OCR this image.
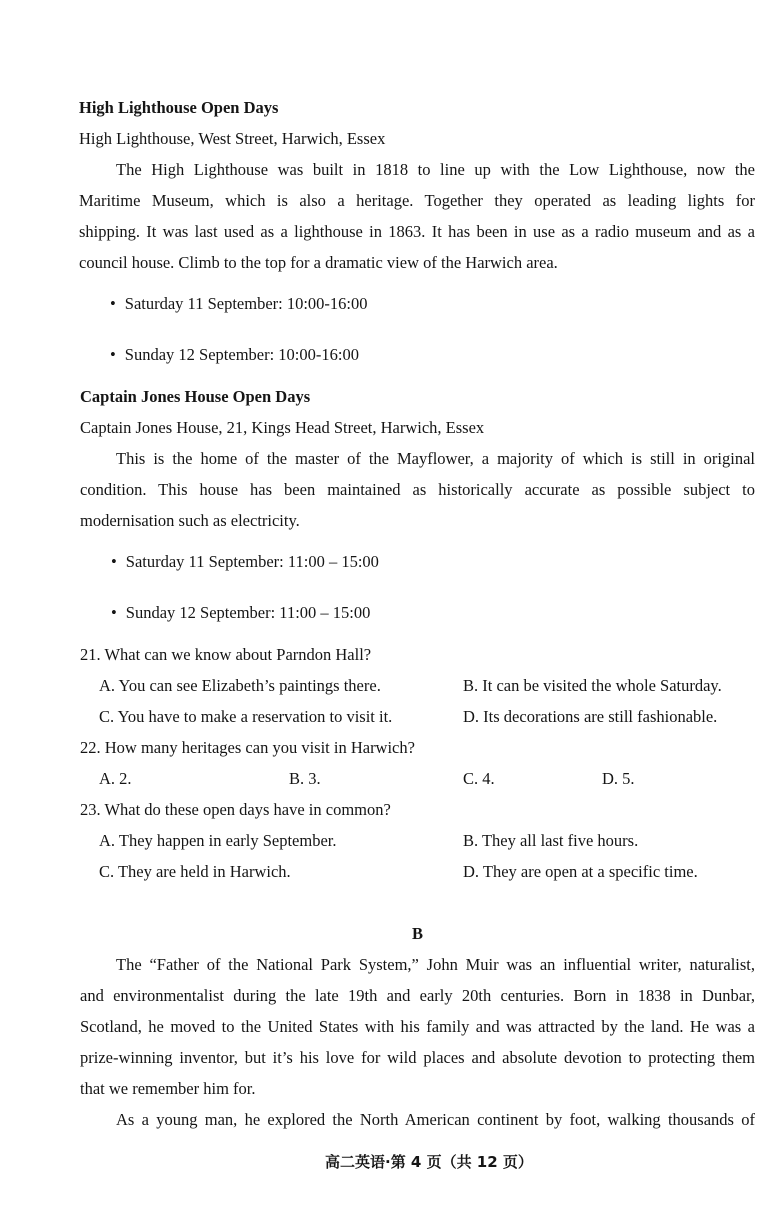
High Lighthouse Open Days
High Lighthouse, West Street, Harwich, Essex
The High Lighthouse was built in 1818 to line up with the Low Lighthouse, now the
Maritime Museum, which is also a heritage. Together they operated as leading lights for
shipping. It was last used as a lighthouse in 1863. It has been in use as a radio museum and as a
council house. Climb to the top for a dramatic view of the Harwich area.
• Saturday 11 September: 10:00-16:00
• Sunday 12 September: 10:00-16:00
Captain Jones House Open Days
Captain Jones House, 21, Kings Head Street, Harwich, Essex
This is the home of the master of the Mayflower, a majority of which is still in original
condition. This house has been maintained as historically accurate as possible subject to
modernisation such as electricity.
• Saturday 11 September: 11:00 – 15:00
• Sunday 12 September: 11:00 – 15:00
21. What can we know about Parndon Hall?
A. You can see Elizabeth’s paintings there.	B. It can be visited the whole Saturday.
C. You have to make a reservation to visit it.	D. Its decorations are still fashionable.
22. How many heritages can you visit in Harwich?
A. 2.	B. 3.	C. 4.	D. 5.
23. What do these open days have in common?
A. They happen in early September.	B. They all last five hours.
C. They are held in Harwich.	D. They are open at a specific time.
B
The “Father of the National Park System,” John Muir was an influential writer, naturalist,
and environmentalist during the late 19th and early 20th centuries. Born in 1838 in Dunbar,
Scotland, he moved to the United States with his family and was attracted by the land. He was a
prize-winning inventor, but it’s his love for wild places and absolute devotion to protecting them
that we remember him for.
As a young man, he explored the North American continent by foot, walking thousands of
高二英语·第 4 页（共 12 页）
